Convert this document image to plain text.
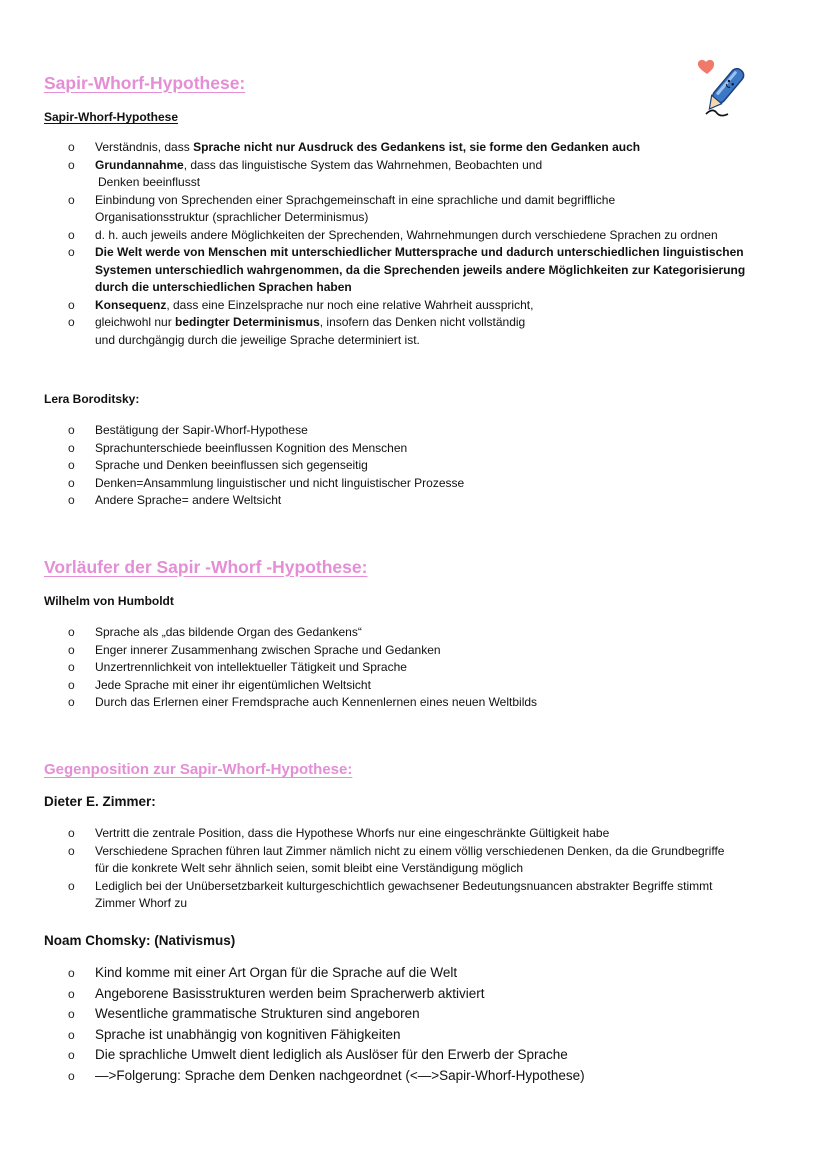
Sapir-Whorf-Hypothese:

Sapir-Whorf-Hypothese

o Verständnis, dass Sprache nicht nur Ausdruck des Gedankens ist, sie forme den Gedanken auch
o Grundannahme, dass das linguistische System das Wahrnehmen, Beobachten und
Denken beeinflusst
o Einbindung von Sprechenden einer Sprachgemeinschaft in eine sprachliche und damit begriffliche
Organisationsstruktur (sprachlicher Determinismus)
o d. h. auch jeweils andere Möglichkeiten der Sprechenden, Wahrnehmungen durch verschiedene Sprachen zu ordnen
o Die Welt werde von Menschen mit unterschiedlicher Muttersprache und dadurch unterschiedlichen linguistischen
Systemen unterschiedlich wahrgenommen, da die Sprechenden jeweils andere Möglichkeiten zur Kategorisierung
durch die unterschiedlichen Sprachen haben
o Konsequenz, dass eine Einzelsprache nur noch eine relative Wahrheit ausspricht,
o gleichwohl nur bedingter Determinismus, insofern das Denken nicht vollständig
und durchgängig durch die jeweilige Sprache determiniert ist.

Lera Boroditsky:

o Bestätigung der Sapir-Whorf-Hypothese
o Sprachunterschiede beeinflussen Kognition des Menschen
o Sprache und Denken beeinflussen sich gegenseitig
o Denken=Ansammlung linguistischer und nicht linguistischer Prozesse
o Andere Sprache= andere Weltsicht
Vorläufer der Sapir -Whorf -Hypothese:

Wilhelm von Humboldt

o Sprache als „das bildende Organ des Gedankens“
o Enger innerer Zusammenhang zwischen Sprache und Gedanken
o Unzertrennlichkeit von intellektueller Tätigkeit und Sprache
o Jede Sprache mit einer ihr eigentümlichen Weltsicht
o Durch das Erlernen einer Fremdsprache auch Kennenlernen eines neuen Weltbilds
Gegenposition zur Sapir-Whorf-Hypothese:

Dieter E. Zimmer:

o Vertritt die zentrale Position, dass die Hypothese Whorfs nur eine eingeschränkte Gültigkeit habe
o Verschiedene Sprachen führen laut Zimmer nämlich nicht zu einem völlig verschiedenen Denken, da die Grundbegriffe
für die konkrete Welt sehr ähnlich seien, somit bleibt eine Verständigung möglich
o Lediglich bei der Unübersetzbarkeit kulturgeschichtlich gewachsener Bedeutungsnuancen abstrakter Begriffe stimmt
Zimmer Whorf zu

Noam Chomsky: (Nativismus)

o Kind komme mit einer Art Organ für die Sprache auf die Welt
o Angeborene Basisstrukturen werden beim Spracherwerb aktiviert
o Wesentliche grammatische Strukturen sind angeboren
o Sprache ist unabhängig von kognitiven Fähigkeiten
o Die sprachliche Umwelt dient lediglich als Auslöser für den Erwerb der Sprache
o —>Folgerung: Sprache dem Denken nachgeordnet (<—>Sapir-Whorf-Hypothese)
